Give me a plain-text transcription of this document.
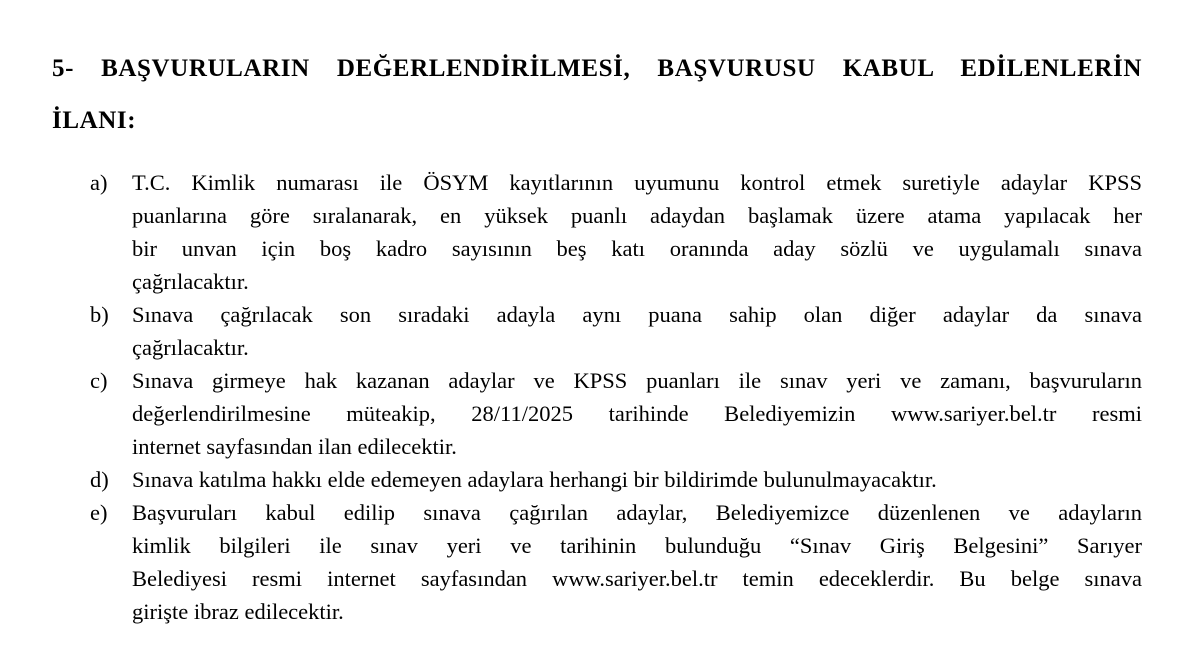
5- BAŞVURULARIN DEĞERLENDİRİLMESİ, BAŞVURUSU KABUL EDİLENLERİN
İLANI:
a)	T.C. Kimlik numarası ile ÖSYM kayıtlarının uyumunu kontrol etmek suretiyle adaylar KPSS
puanlarına göre sıralanarak, en yüksek puanlı adaydan başlamak üzere atama yapılacak her
bir unvan için boş kadro sayısının beş katı oranında aday sözlü ve uygulamalı sınava
çağrılacaktır.
b)	Sınava çağrılacak son sıradaki adayla aynı puana sahip olan diğer adaylar da sınava
çağrılacaktır.
c)	Sınava girmeye hak kazanan adaylar ve KPSS puanları ile sınav yeri ve zamanı, başvuruların
değerlendirilmesine müteakip, 28/11/2025 tarihinde Belediyemizin www.sariyer.bel.tr resmi
internet sayfasından ilan edilecektir.
d)	Sınava katılma hakkı elde edemeyen adaylara herhangi bir bildirimde bulunulmayacaktır.
e)	Başvuruları kabul edilip sınava çağırılan adaylar, Belediyemizce düzenlenen ve adayların
kimlik bilgileri ile sınav yeri ve tarihinin bulunduğu “Sınav Giriş Belgesini” Sarıyer
Belediyesi resmi internet sayfasından www.sariyer.bel.tr temin edeceklerdir. Bu belge sınava
girişte ibraz edilecektir.
